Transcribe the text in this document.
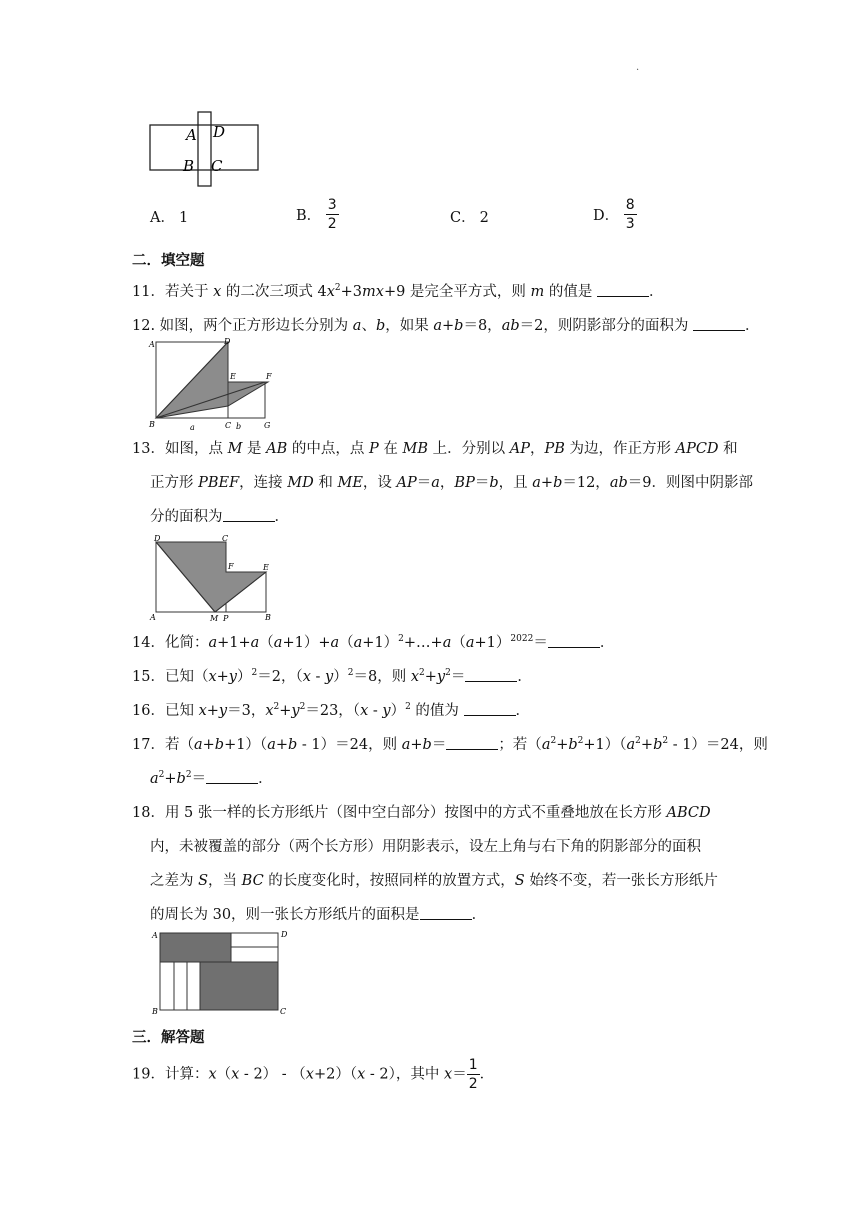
.
A D
B C
A． 1	B． $\frac{3}{2}$	C． 2	D． $\frac{8}{3}$
二．填空题
11．若关于 x 的二次三项式 $4x^2+3mx+9$ 是完全平方式，则 m 的值是	．
12. 如图，两个正方形边长分别为 a、b，如果 a+b＝8，ab＝2，则阴影部分的面积为	．
A	D
E	F
B	C b	G
a
13．如图，点 M 是 AB 的中点，点 P 在 MB 上．分别以 AP，PB 为边，作正方形 APCD 和
正方形 PBEF，连接 MD 和 ME，设 AP＝a，BP＝b，且 a+b＝12，ab＝9．则图中阴影部
分的面积为	．
D	C
F	E
A	M P	B
14．化简：$a+1+a(a+1)+a(a+1)^2+\dots+a(a+1)^{2022}=$	．
15．已知$(x+y)^2=2$，（x - y）$^2$＝8，则 $x^2+y^2=$	．
16．已知 x+y＝3，$x^2+y^2=23$，（x - y）$^2$ 的值为	．
17．若（a+b+1）（a+b - 1）＝24，则 a+b＝	；若$(a^2+b^2+1)(a^2+b^2 - 1)=24$，则
$a^2+b^2=$	．
18．用 5 张一样的长方形纸片（图中空白部分）按图中的方式不重叠地放在长方形 ABCD
内，未被覆盖的部分（两个长方形）用阴影表示，设左上角与右下角的阴影部分的面积
之差为 S，当 BC 的长度变化时，按照同样的放置方式，S 始终不变，若一张长方形纸片
的周长为 30，则一张长方形纸片的面积是	．
A	D
B	C
三．解答题
19．计算：x（x - 2） - （x+2）（x - 2），其中 $x= \frac{1}{2}$ ．
